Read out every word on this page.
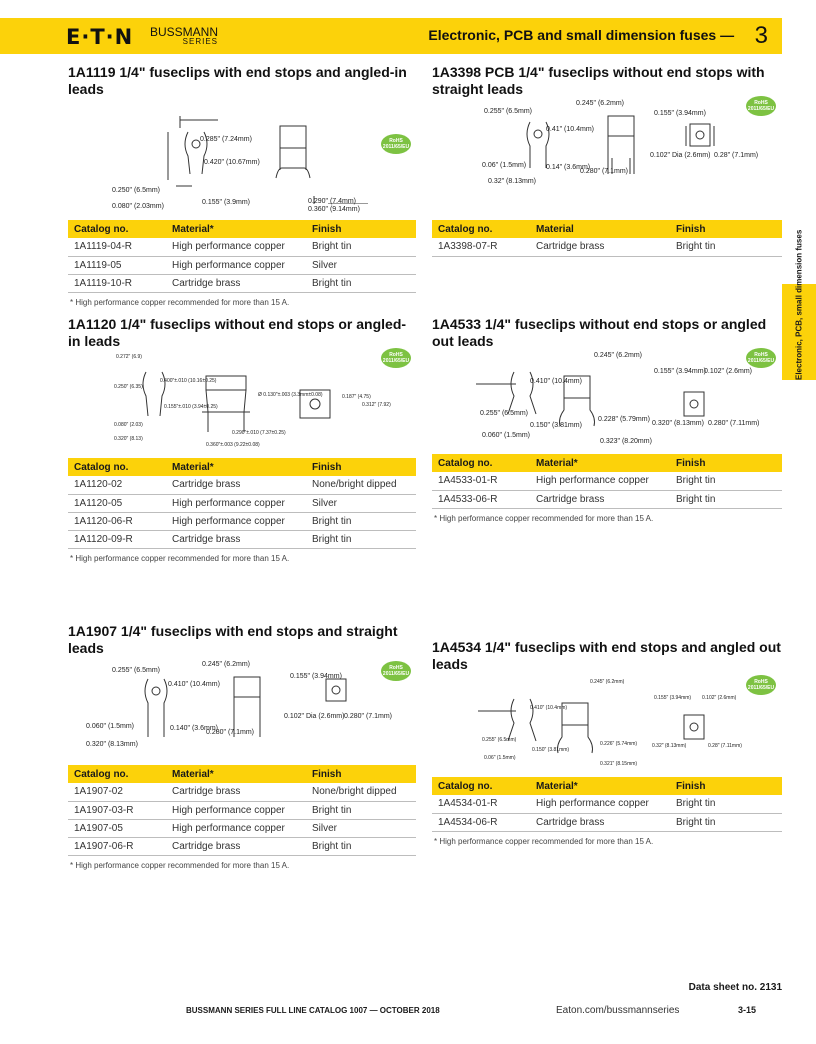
E·T·N BUSSMANN
SERIES	Electronic, PCB and small dimension fuses — 3
Electronic, PCB, small dimension fuses
1A1119 1/4" fuseclips with end stops and angled-in leads
RoHS 2011/65/EU
0.285" (7.24mm)
0.420" (10.67mm)
0.250" (6.5mm)
0.080" (2.03mm)
0.155" (3.9mm)	0.290" (7.4mm)
0.360" (9.14mm)
Catalog no.	Material*	Finish
1A1119-04-R	High performance copper	Bright tin
1A1119-05	High performance copper	Silver
1A1119-10-R	Cartridge brass	Bright tin
* High performance copper recommended for more than 15 A.
1A3398 PCB 1/4" fuseclips without end stops with straight leads
RoHS 2011/65/EU
0.255" (6.5mm)
0.245" (6.2mm)
0.41" (10.4mm)
0.155" (3.94mm)
0.102" Dia (2.6mm) 0.28" (7.1mm)
0.06" (1.5mm)
0.32" (8.13mm)
0.14" (3.6mm)
0.280" (7.1mm)
Catalog no.	Material	Finish
1A3398-07-R	Cartridge brass	Bright tin
1A1120 1/4" fuseclips without end stops or angled-in leads
RoHS 2011/65/EU
0.272" (6.9)
0.250" (6.35)
0.400"±.010 (10.16±0.25)
0.155"±.010 (3.94±0.25)
0.080" (2.03)
0.320" (8.13)
Ø 0.130"±.003 (3.3mm±0.08)	0.187" (4.75)
0.312" (7.92)
0.290"±.010 (7.37±0.25)
0.360"±.003 (9.22±0.08)
Catalog no.	Material*	Finish
1A1120-02	Cartridge brass	None/bright dipped
1A1120-05	High performance copper	Silver
1A1120-06-R	High performance copper	Bright tin
1A1120-09-R	Cartridge brass	Bright tin
* High performance copper recommended for more than 15 A.
1A4533 1/4" fuseclips without end stops or angled out leads
RoHS 2011/65/EU
0.245" (6.2mm)
0.410" (10.4mm)
0.155" (3.94mm)
0.102" (2.6mm)
0.255" (6.5mm)
0.060" (1.5mm)
0.150" (3.81mm)
0.228" (5.79mm)
0.323" (8.20mm)
0.320" (8.13mm) 0.280" (7.11mm)
Catalog no.	Material*	Finish
1A4533-01-R	High performance copper	Bright tin
1A4533-06-R	Cartridge brass	Bright tin
* High performance copper recommended for more than 15 A.
1A1907 1/4" fuseclips with end stops and straight leads
RoHS 2011/65/EU
0.255" (6.5mm)
0.245" (6.2mm)
0.410" (10.4mm)
0.155" (3.94mm)
0.102" Dia (2.6mm) 0.280" (7.1mm)
0.060" (1.5mm)
0.320" (8.13mm)
0.140" (3.6mm)
0.280" (7.1mm)
Catalog no.	Material*	Finish
1A1907-02	Cartridge brass	None/bright dipped
1A1907-03-R	High performance copper	Bright tin
1A1907-05	High performance copper	Silver
1A1907-06-R	Cartridge brass	Bright tin
* High performance copper recommended for more than 15 A.
1A4534 1/4" fuseclips with end stops and angled out leads
RoHS 2011/65/EU
0.245" (6.2mm)
0.410" (10.4mm)
0.155" (3.94mm) 0.102" (2.6mm)
0.255" (6.5mm)
0.06" (1.5mm)
0.150" (3.81mm)
0.226" (5.74mm)
0.321" (8.15mm)
0.32" (8.13mm)	0.28" (7.11mm)
Catalog no.	Material*	Finish
1A4534-01-R	High performance copper	Bright tin
1A4534-06-R	Cartridge brass	Bright tin
* High performance copper recommended for more than 15 A.
Data sheet no. 2131
BUSSMANN SERIES FULL LINE CATALOG 1007 — OCTOBER 2018	Eaton.com/bussmannseries	3-15
